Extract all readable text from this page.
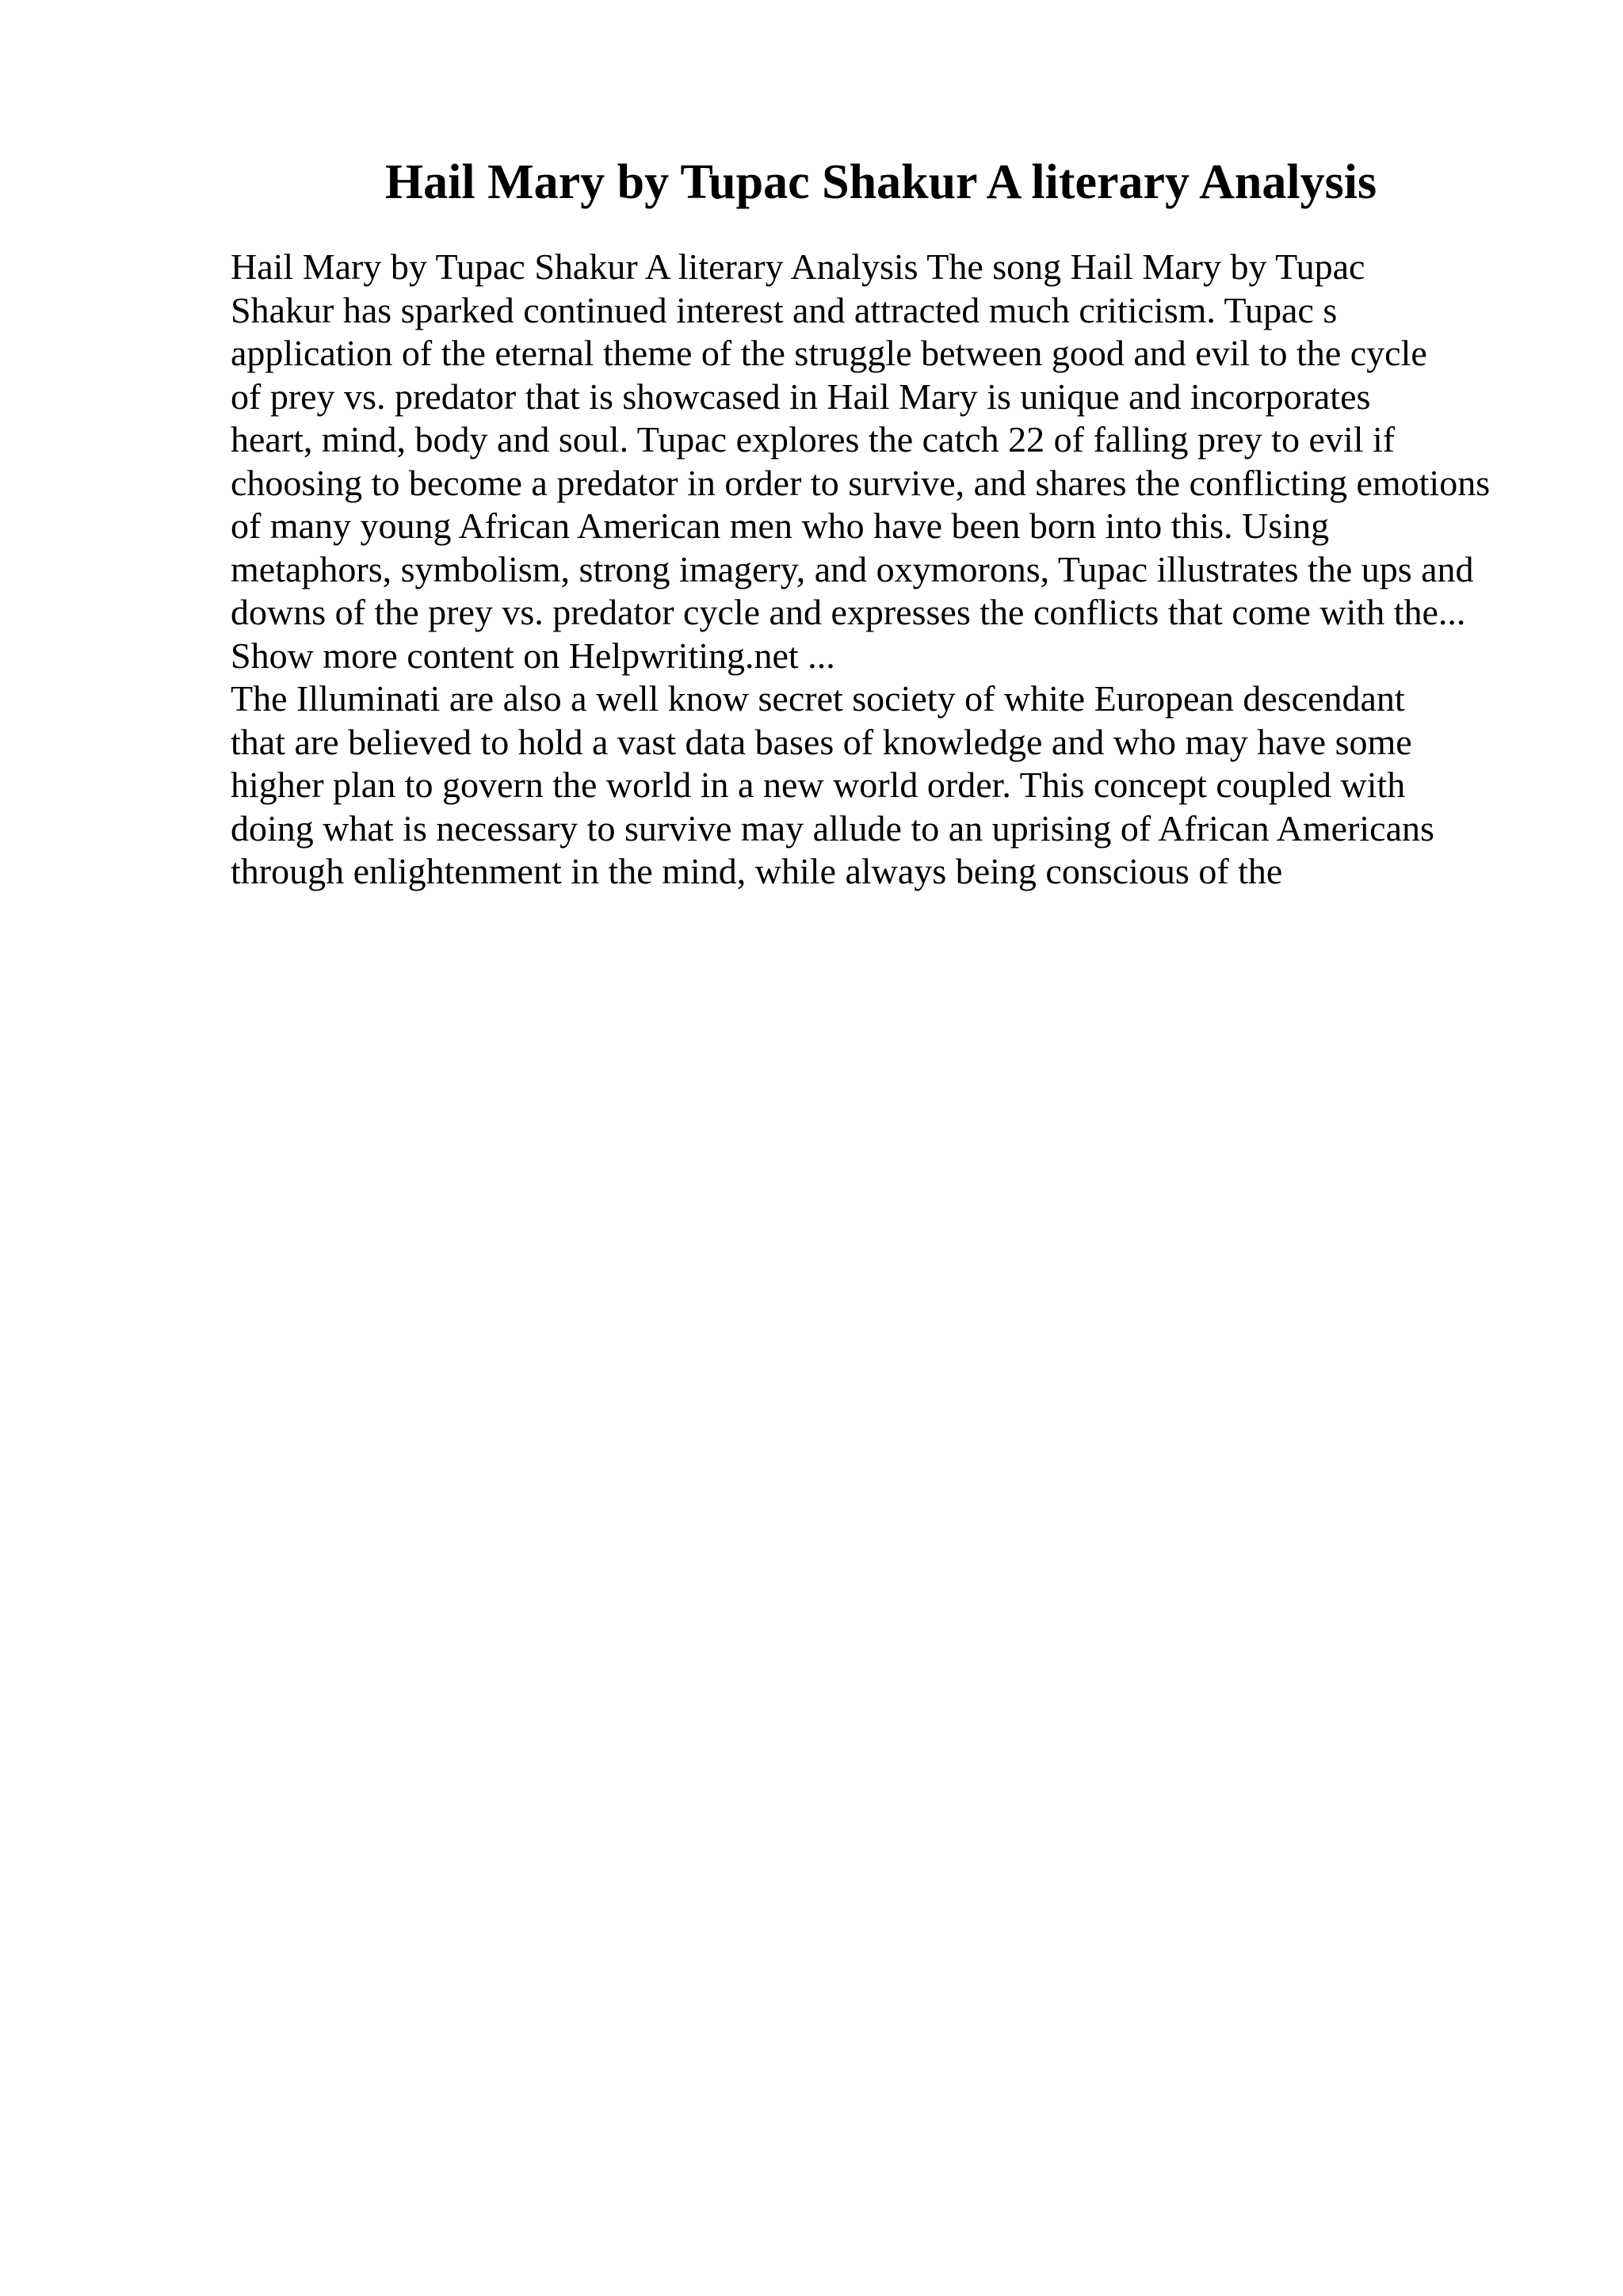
Hail Mary by Tupac Shakur A literary Analysis
Hail Mary by Tupac Shakur A literary Analysis The song Hail Mary by Tupac
Shakur has sparked continued interest and attracted much criticism. Tupac s
application of the eternal theme of the struggle between good and evil to the cycle
of prey vs. predator that is showcased in Hail Mary is unique and incorporates
heart, mind, body and soul. Tupac explores the catch 22 of falling prey to evil if
choosing to become a predator in order to survive, and shares the conflicting emotions
of many young African American men who have been born into this. Using
metaphors, symbolism, strong imagery, and oxymorons, Tupac illustrates the ups and
downs of the prey vs. predator cycle and expresses the conflicts that come with the...
Show more content on Helpwriting.net ...
The Illuminati are also a well know secret society of white European descendant
that are believed to hold a vast data bases of knowledge and who may have some
higher plan to govern the world in a new world order. This concept coupled with
doing what is necessary to survive may allude to an uprising of African Americans
through enlightenment in the mind, while always being conscious of the
